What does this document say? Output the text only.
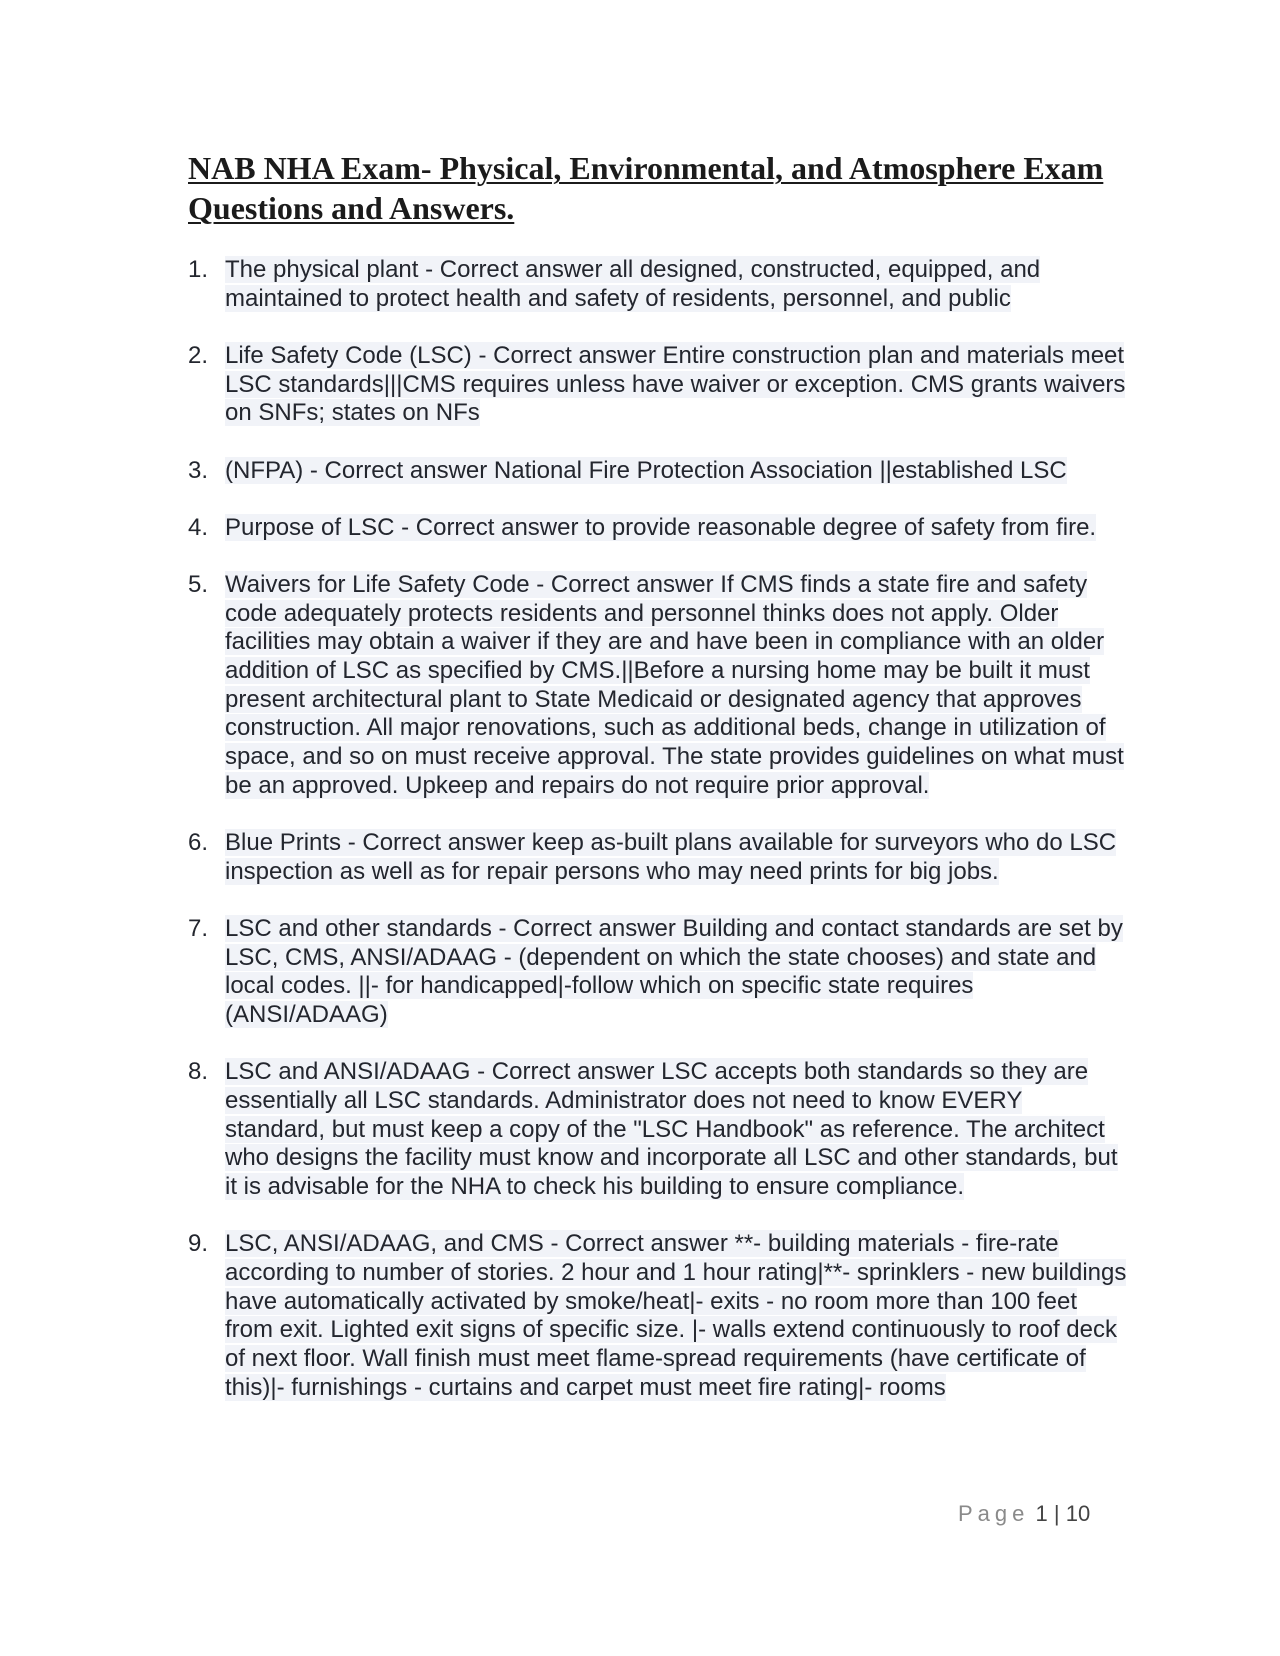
NAB NHA Exam- Physical, Environmental, and Atmosphere Exam Questions and Answers.
1. The physical plant - Correct answer all designed, constructed, equipped, and maintained to protect health and safety of residents, personnel, and public

2. Life Safety Code (LSC) - Correct answer Entire construction plan and materials meet LSC standards|||CMS requires unless have waiver or exception. CMS grants waivers on SNFs; states on NFs

3. (NFPA) - Correct answer National Fire Protection Association ||established LSC

4. Purpose of LSC - Correct answer to provide reasonable degree of safety from fire.

5. Waivers for Life Safety Code - Correct answer If CMS finds a state fire and safety code adequately protects residents and personnel thinks does not apply. Older facilities may obtain a waiver if they are and have been in compliance with an older addition of LSC as specified by CMS.||Before a nursing home may be built it must present architectural plant to State Medicaid or designated agency that approves construction. All major renovations, such as additional beds, change in utilization of space, and so on must receive approval. The state provides guidelines on what must be an approved. Upkeep and repairs do not require prior approval.

6. Blue Prints - Correct answer keep as-built plans available for surveyors who do LSC inspection as well as for repair persons who may need prints for big jobs.

7. LSC and other standards - Correct answer Building and contact standards are set by LSC, CMS, ANSI/ADAAG - (dependent on which the state chooses) and state and local codes. ||- for handicapped|-follow which on specific state requires (ANSI/ADAAG)

8. LSC and ANSI/ADAAG - Correct answer LSC accepts both standards so they are essentially all LSC standards. Administrator does not need to know EVERY standard, but must keep a copy of the "LSC Handbook" as reference. The architect who designs the facility must know and incorporate all LSC and other standards, but it is advisable for the NHA to check his building to ensure compliance.

9. LSC, ANSI/ADAAG, and CMS - Correct answer **- building materials - fire-rate according to number of stories. 2 hour and 1 hour rating|**- sprinklers - new buildings have automatically activated by smoke/heat|- exits - no room more than 100 feet from exit. Lighted exit signs of specific size. |- walls extend continuously to roof deck of next floor. Wall finish must meet flame-spread requirements (have certificate of this)|- furnishings - curtains and carpet must meet fire rating|- rooms

Page 1 | 10
